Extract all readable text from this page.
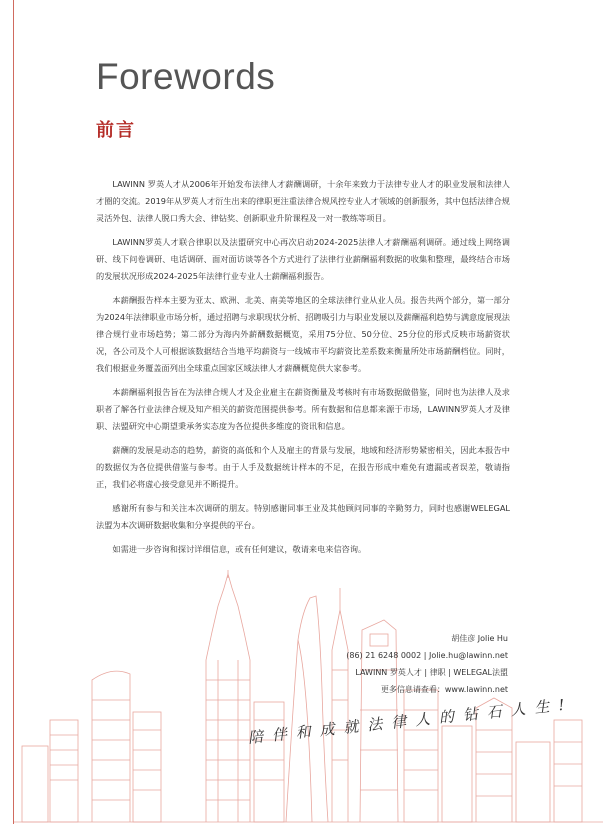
Forewords
前言

LAWINN 罗英人才从2006年开始发布法律人才薪酬调研，十余年来致力于法律专业人才的职业发展和法律人才圈的交流。2019年从罗英人才衍生出来的律职更注重法律合规风控专业人才领域的创新服务，其中包括法律合规灵活外包、法律人脱口秀大会、律钻奖、创新职业升阶课程及一对一教练等项目。

LAWINN罗英人才联合律职以及法盟研究中心再次启动2024-2025法律人才薪酬福利调研。通过线上网络调研、线下问卷调研、电话调研、面对面访谈等各个方式进行了法律行业薪酬福利数据的收集和整理，最终结合市场的发展状况形成2024-2025年法律行业专业人士薪酬福利报告。

本薪酬报告样本主要为亚太、欧洲、北美、南美等地区的全球法律行业从业人员。报告共两个部分，第一部分为2024年法律职业市场分析，通过招聘与求职现状分析、招聘吸引力与职业发展以及薪酬福利趋势与满意度展现法律合规行业市场趋势；第二部分为海内外薪酬数据概览，采用75分位、50分位、25分位的形式反映市场薪资状况，各公司及个人可根据该数据结合当地平均薪资与一线城市平均薪资比差系数来衡量所处市场薪酬档位。同时，我们根据业务覆盖面列出全球重点国家区域法律人才薪酬概览供大家参考。

本薪酬福利报告旨在为法律合规人才及企业雇主在薪资衡量及考核时有市场数据做借鉴，同时也为法律人及求职者了解各行业法律合规及知产相关的薪资范围提供参考。所有数据和信息都来源于市场，LAWINN罗英人才及律职、法盟研究中心期望秉承务实态度为各位提供多维度的资讯和信息。

薪酬的发展是动态的趋势，薪资的高低和个人及雇主的背景与发展，地域和经济形势紧密相关，因此本报告中的数据仅为各位提供借鉴与参考。由于人手及数据统计样本的不足，在报告形成中难免有遗漏或者误差，敬请指正，我们必将虚心接受意见并不断提升。

感谢所有参与和关注本次调研的朋友。特别感谢同事王业及其他顾问同事的辛勤努力，同时也感谢WELEGAL法盟为本次调研数据收集和分享提供的平台。

如需进一步咨询和探讨详细信息，或有任何建议，敬请来电来信咨询。

胡佳彦 Jolie Hu
(86) 21 6248 0002 | Jolie.hu@lawinn.net
LAWINN 罗英人才 | 律职 | WELEGAL法盟
更多信息请查看：www.lawinn.net
陪伴和成就法律人的钻石人生!
